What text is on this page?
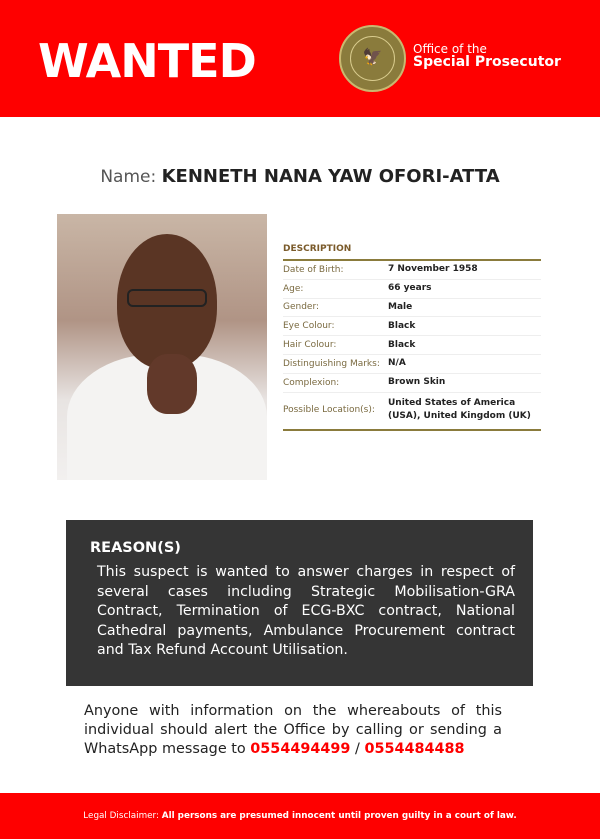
WANTED	🦅	Office of the
Special Prosecutor
Name: KENNETH NANA YAW OFORI-ATTA
DESCRIPTION
Date of Birth:	7 November 1958
Age:	66 years
Gender:	Male
Eye Colour:	Black
Hair Colour:	Black
Distinguishing Marks: N/A
Complexion:	Brown Skin
Possible Location(s):
United States of America (USA), United Kingdom (UK)
REASON(S)

This suspect is wanted to answer charges in respect of several cases including Strategic Mobilisation-GRA Contract, Termination of ECG-BXC contract, National Cathedral payments, Ambulance Procurement contract and Tax Refund Account Utilisation.

Anyone with information on the whereabouts of this individual should alert the Office by calling or sending a WhatsApp message to 0554494499 / 0554484488
Legal Disclaimer: All persons are presumed innocent until proven guilty in a court of law.
